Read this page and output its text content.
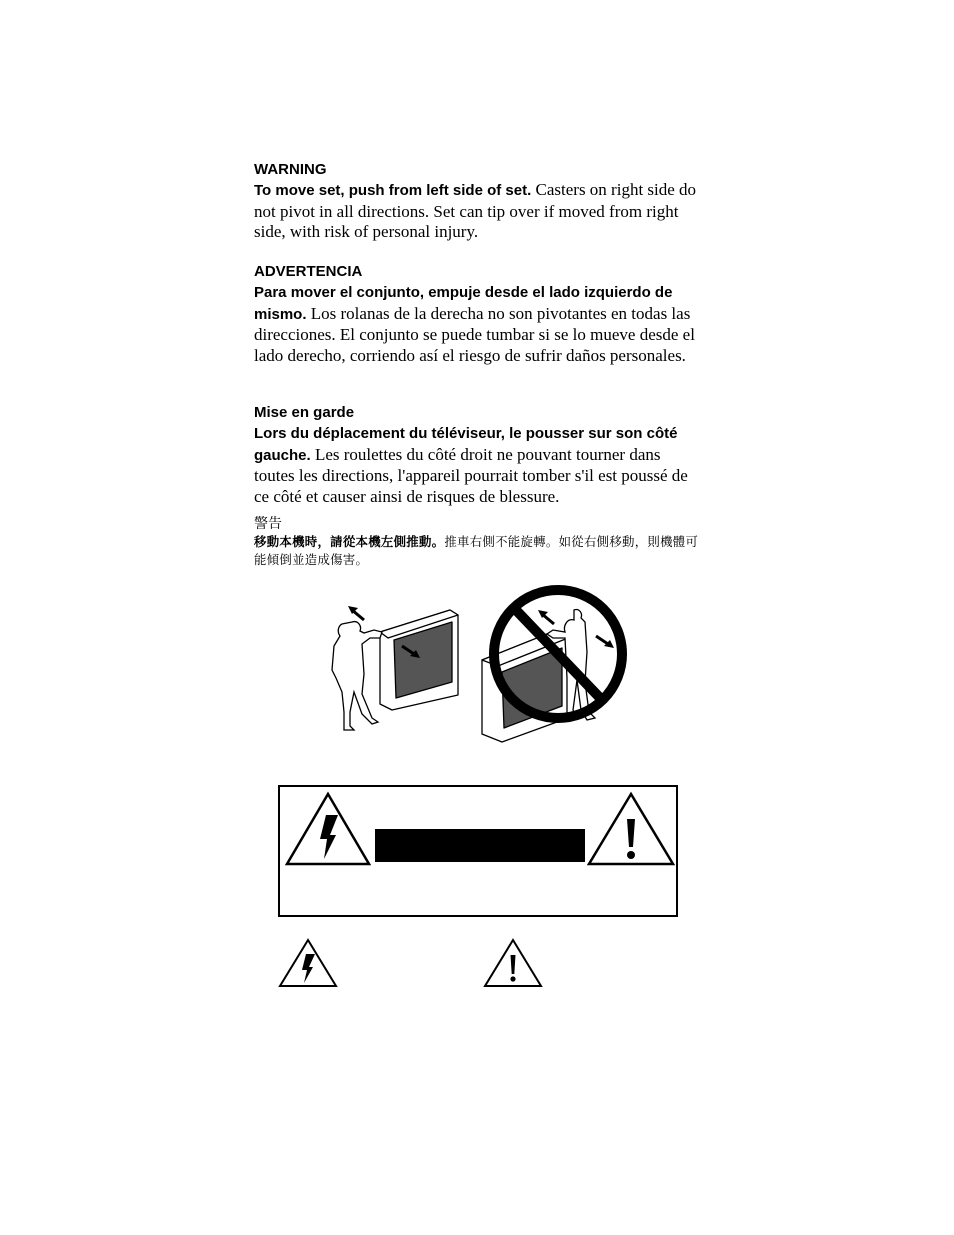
WARNING
To move set, push from left side of set. Casters on right side do not pivot in all directions. Set can tip over if moved from right side, with risk of personal injury.
ADVERTENCIA
Para mover el conjunto, empuje desde el lado izquierdo de mismo. Los rolanas de la derecha no son pivotantes en todas las direcciones. El conjunto se puede tumbar si se lo mueve desde el lado derecho, corriendo así el riesgo de sufrir daños personales.
Mise en garde
Lors du déplacement du téléviseur, le pousser sur son côté gauche. Les roulettes du côté droit ne pouvant tourner dans toutes les directions, l'appareil pourrait tomber s'il est poussé de ce côté et causer ainsi de risques de blessure.
警告
移動本機時，請從本機左側推動。推車右側不能旋轉。如從右側移動，則機體可能傾倒並造成傷害。
